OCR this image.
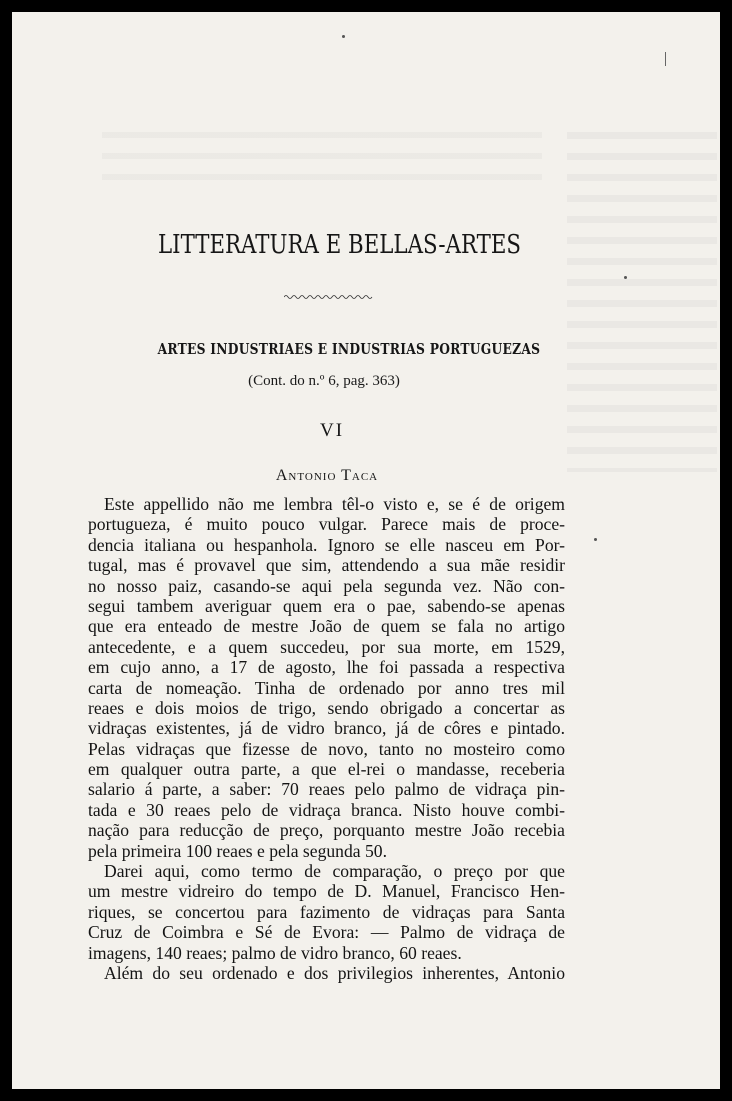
LITTERATURA E BELLAS-ARTES
ARTES INDUSTRIAES E INDUSTRIAS PORTUGUEZAS
(Cont. do n.º 6, pag. 363)
VI
Antonio Taca
Este appellido não me lembra têl-o visto e, se é de origem
portugueza, é muito pouco vulgar. Parece mais de proce-
dencia italiana ou hespanhola. Ignoro se elle nasceu em Por-
tugal, mas é provavel que sim, attendendo a sua mãe residir
no nosso paiz, casando-se aqui pela segunda vez. Não con-
segui tambem averiguar quem era o pae, sabendo-se apenas
que era enteado de mestre João de quem se fala no artigo
antecedente, e a quem succedeu, por sua morte, em 1529,
em cujo anno, a 17 de agosto, lhe foi passada a respectiva
carta de nomeação. Tinha de ordenado por anno tres mil
reaes e dois moios de trigo, sendo obrigado a concertar as
vidraças existentes, já de vidro branco, já de côres e pintado.
Pelas vidraças que fizesse de novo, tanto no mosteiro como
em qualquer outra parte, a que el-rei o mandasse, receberia
salario á parte, a saber: 70 reaes pelo palmo de vidraça pin-
tada e 30 reaes pelo de vidraça branca. Nisto houve combi-
nação para reducção de preço, porquanto mestre João recebia
pela primeira 100 reaes e pela segunda 50.
Darei aqui, como termo de comparação, o preço por que
um mestre vidreiro do tempo de D. Manuel, Francisco Hen-
riques, se concertou para fazimento de vidraças para Santa
Cruz de Coimbra e Sé de Evora: — Palmo de vidraça de
imagens, 140 reaes; palmo de vidro branco, 60 reaes.
Além do seu ordenado e dos privilegios inherentes, Antonio
